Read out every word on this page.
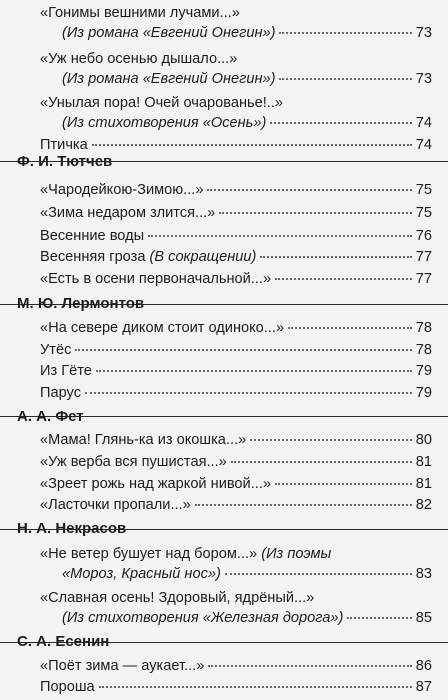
«Гонимы вешними лучами...»
(Из романа «Евгений Онегин»)	73
«Уж небо осенью дышало...»
(Из романа «Евгений Онегин»)	73
«Унылая пора! Очей очарованье!..»
(Из стихотворения «Осень»)	74
Птичка	74
Ф. И. Тютчев
«Чародейкою-Зимою...»	75
«Зима недаром злится...»	75
Весенние воды	76
Весенняя гроза (В сокращении)	77
«Есть в осени первоначальной...»	77
М. Ю. Лермонтов
«На севере диком стоит одиноко...»	78
Утёс	78
Из Гёте	79
Парус	79
А. А. Фет
«Мама! Глянь-ка из окошка...»	80
«Уж верба вся пушистая...»	81
«Зреет рожь над жаркой нивой...»	81
«Ласточки пропали...»	82
Н. А. Некрасов
«Не ветер бушует над бором...» (Из поэмы
«Мороз, Красный нос»)	83
«Славная осень! Здоровый, ядрёный...»
(Из стихотворения «Железная дорога»)	85
С. А. Есенин
«Поёт зима — аукает...»	86
Пороша	87
